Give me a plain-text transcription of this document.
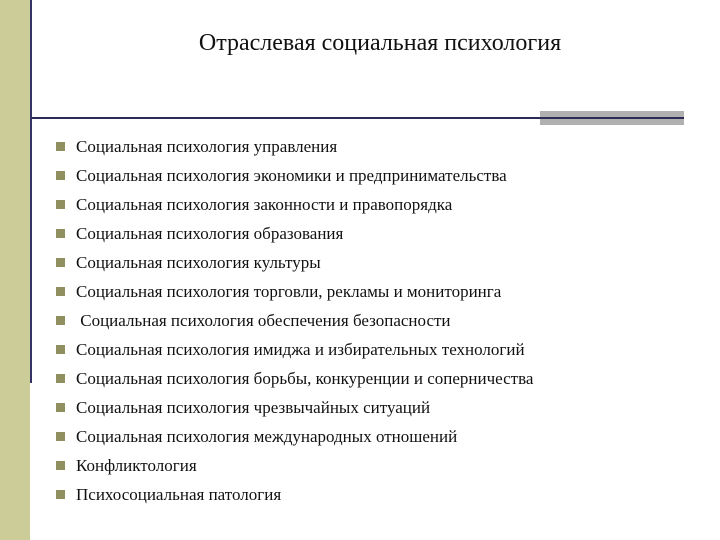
Отраслевая социальная психология
Социальная психология управления
Социальная психология экономики и предпринимательства
Социальная психология законности и правопорядка
Социальная психология образования
Социальная психология культуры
Социальная психология торговли, рекламы и мониторинга
Социальная психология обеспечения безопасности
Социальная психология имиджа и избирательных технологий
Социальная психология борьбы, конкуренции и соперничества
Социальная психология чрезвычайных ситуаций
Социальная психология международных отношений
Конфликтология
Психосоциальная патология
